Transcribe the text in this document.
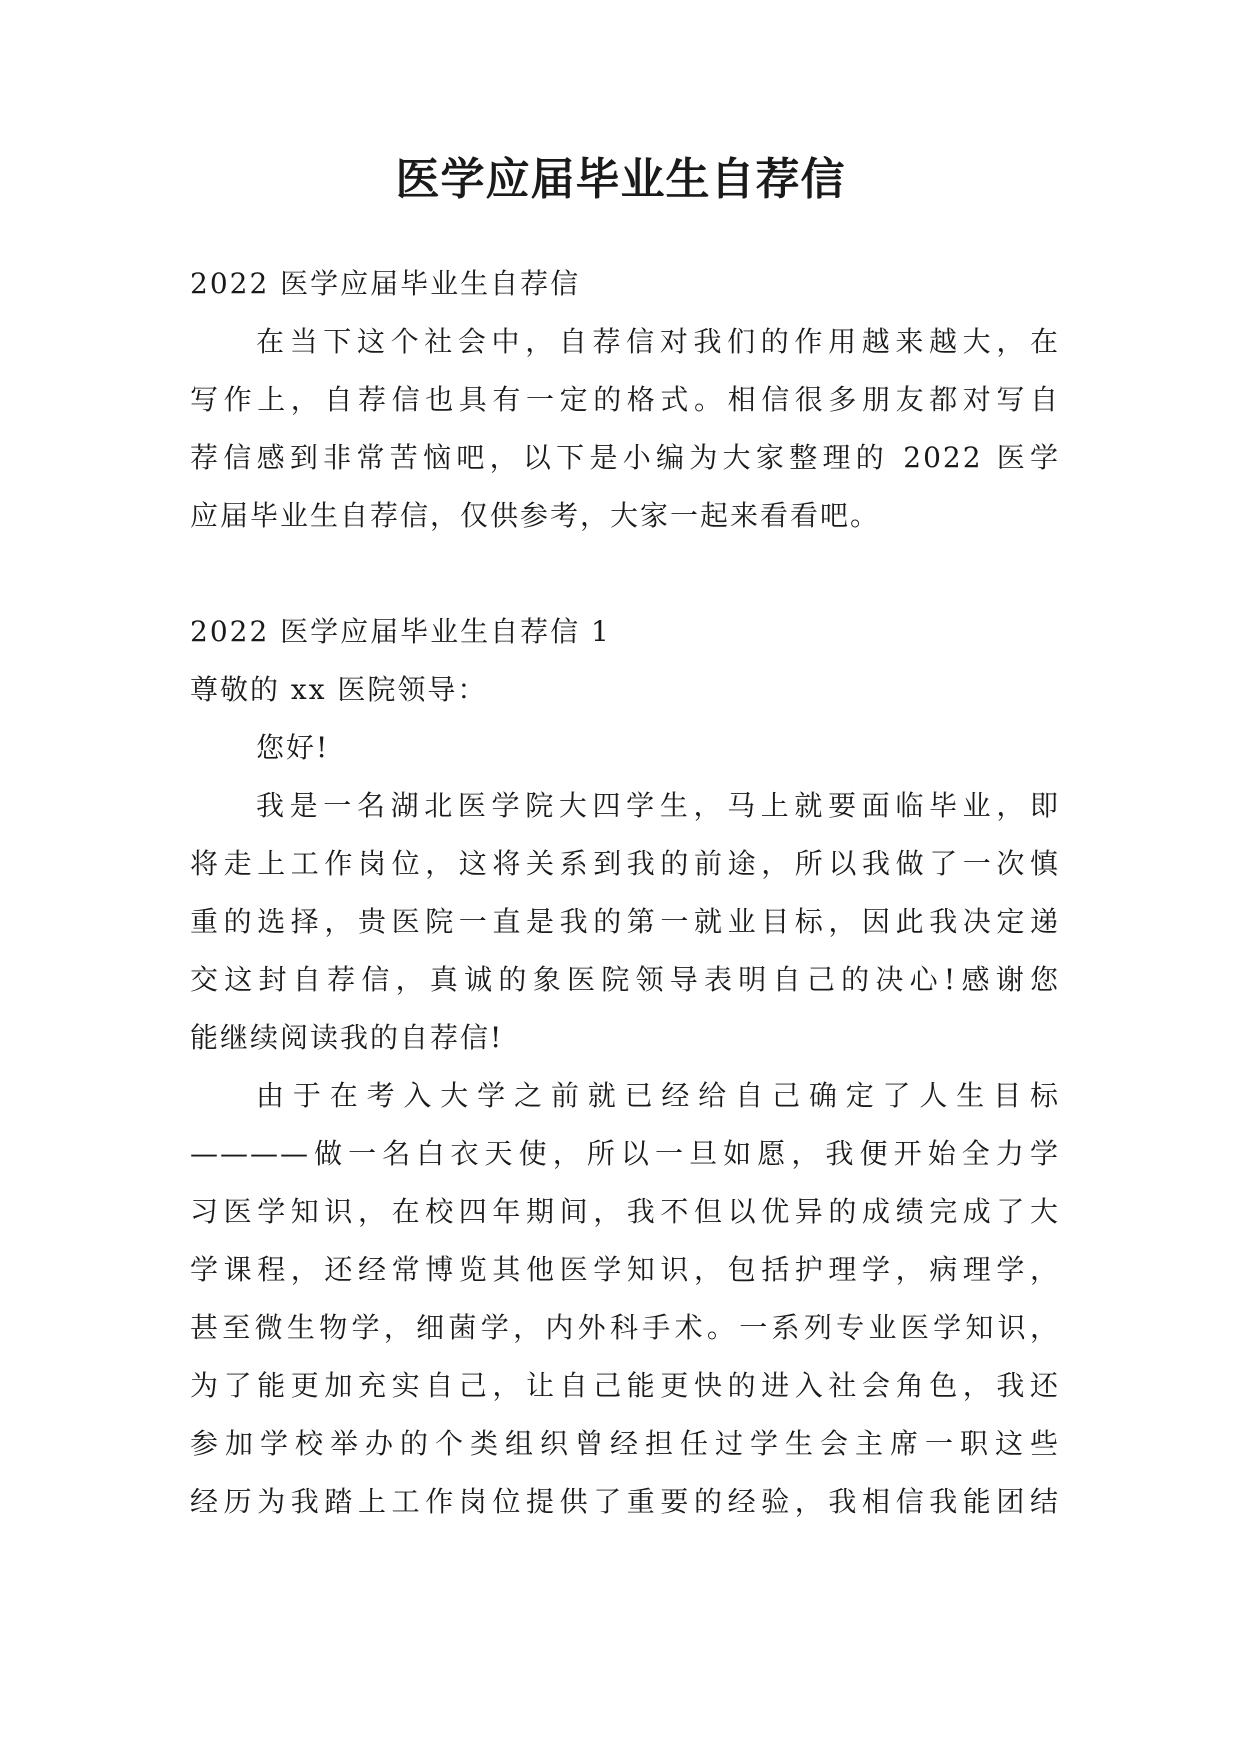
医学应届毕业生自荐信
2022 医学应届毕业生自荐信
在当下这个社会中，自荐信对我们的作用越来越大，在
写作上，自荐信也具有一定的格式。相信很多朋友都对写自
荐信感到非常苦恼吧，以下是小编为大家整理的 2022 医学
应届毕业生自荐信，仅供参考，大家一起来看看吧。
2022 医学应届毕业生自荐信 1
尊敬的 xx 医院领导：
您好!
我是一名湖北医学院大四学生，马上就要面临毕业，即
将走上工作岗位，这将关系到我的前途，所以我做了一次慎
重的选择，贵医院一直是我的第一就业目标，因此我决定递
交这封自荐信，真诚的象医院领导表明自己的决心!感谢您
能继续阅读我的自荐信!
由于在考入大学之前就已经给自己确定了人生目标
————做一名白衣天使，所以一旦如愿，我便开始全力学
习医学知识，在校四年期间，我不但以优异的成绩完成了大
学课程，还经常博览其他医学知识，包括护理学，病理学，
甚至微生物学，细菌学，内外科手术。一系列专业医学知识，
为了能更加充实自己，让自己能更快的进入社会角色，我还
参加学校举办的个类组织曾经担任过学生会主席一职这些
经历为我踏上工作岗位提供了重要的经验，我相信我能团结
